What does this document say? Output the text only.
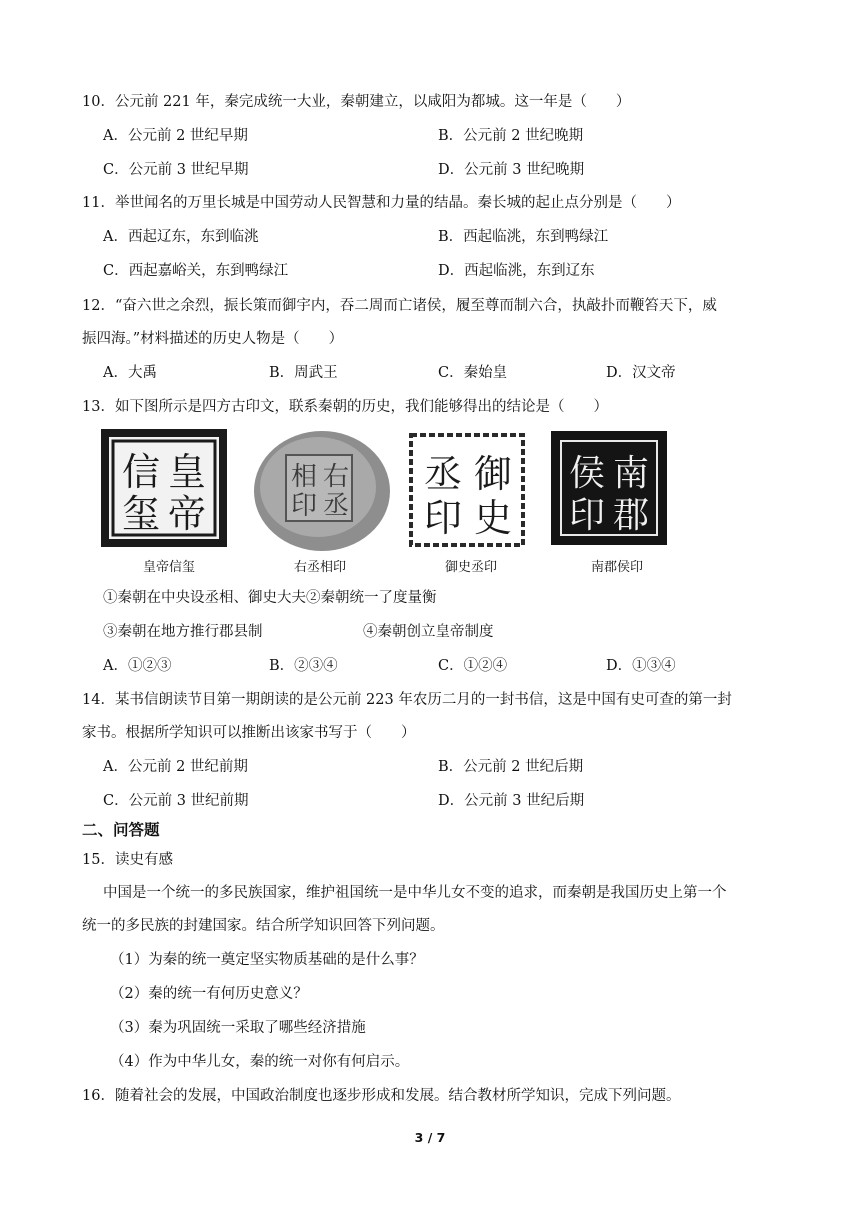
10．公元前 221 年，秦完成统一大业，秦朝建立，以咸阳为都城。这一年是（　　）
A．公元前 2 世纪早期	B．公元前 2 世纪晚期
C．公元前 3 世纪早期	D．公元前 3 世纪晚期
11．举世闻名的万里长城是中国劳动人民智慧和力量的结晶。秦长城的起止点分别是（　　）
A．西起辽东，东到临洮	B．西起临洮，东到鸭绿江
C．西起嘉峪关，东到鸭绿江	D．西起临洮，东到辽东
12．“奋六世之余烈，振长策而御宇内，吞二周而亡诸侯，履至尊而制六合，执敲扑而鞭笞天下，威
振四海。”材料描述的历史人物是（　　）
A．大禹	B．周武王	C．秦始皇	D．汉文帝
13．如下图所示是四方古印文，联系秦朝的历史，我们能够得出的结论是（　　）
皇
帝
信
玺
皇帝信玺
右
丞
相
印
右丞相印
御
史
丞
印
御史丞印
南
郡
侯
印
南郡侯印
①秦朝在中央设丞相、御史大夫②秦朝统一了度量衡
③秦朝在地方推行郡县制	④秦朝创立皇帝制度
A．①②③	B．②③④	C．①②④	D．①③④
14．某书信朗读节目第一期朗读的是公元前 223 年农历二月的一封书信，这是中国有史可查的第一封
家书。根据所学知识可以推断出该家书写于（　　）
A．公元前 2 世纪前期	B．公元前 2 世纪后期
C．公元前 3 世纪前期	D．公元前 3 世纪后期
二、问答题
15．读史有感
中国是一个统一的多民族国家，维护祖国统一是中华儿女不变的追求，而秦朝是我国历史上第一个
统一的多民族的封建国家。结合所学知识回答下列问题。
（1）为秦的统一奠定坚实物质基础的是什么事？
（2）秦的统一有何历史意义？
（3）秦为巩固统一采取了哪些经济措施
（4）作为中华儿女，秦的统一对你有何启示。
16．随着社会的发展，中国政治制度也逐步形成和发展。结合教材所学知识，完成下列问题。
3 / 7
